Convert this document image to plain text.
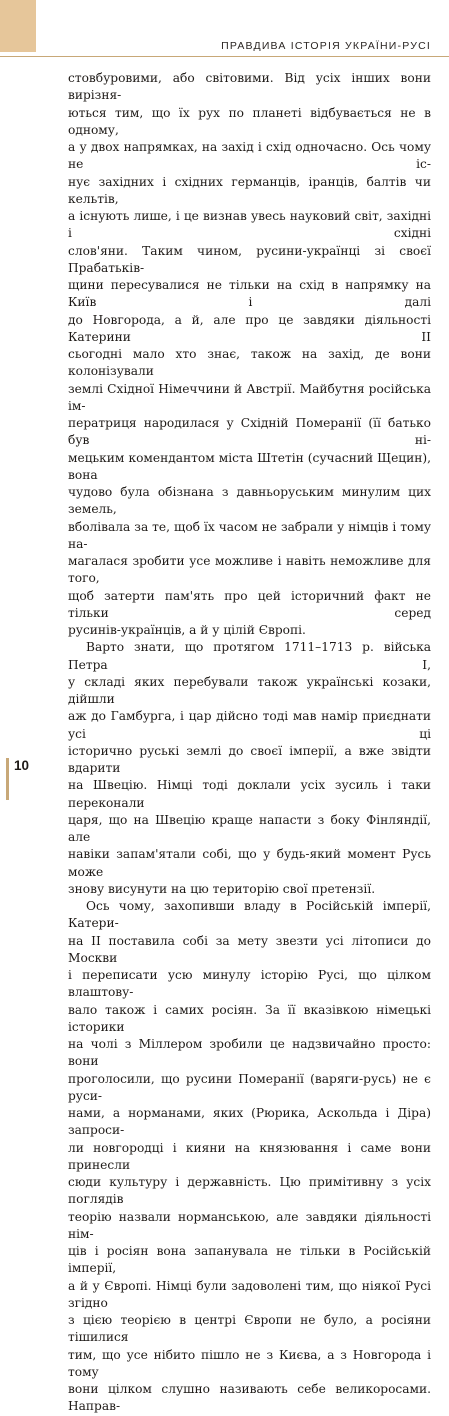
ПРАВДИВА ІСТОРІЯ УКРАЇНИ-РУСІ

стовбуровими, або світовими. Від усіх інших вони вирізня-

ються тим, що їх рух по планеті відбувається не в одному,

а у двох напрямках, на захід і схід одночасно. Ось чому не іс-

нує західних і східних германців, іранців, балтів чи кельтів,

а існують лише, і це визнав увесь науковий світ, західні і східні

слов'яни. Таким чином, русини-українці зі своєї Прабатьків-

щини пересувалися не тільки на схід в напрямку на Київ і далі

до Новгорода, а й, але про це завдяки діяльності Катерини ІІ

сьогодні мало хто знає, також на захід, де вони колонізували

землі Східної Німеччини й Австрії. Майбутня російська ім-

ператриця народилася у Східній Померанії (її батько був ні-

мецьким комендантом міста Штетін (сучасний Щецин), вона

чудово була обізнана з давньоруським минулим цих земель,

вболівала за те, щоб їх часом не забрали у німців і тому на-

магалася зробити усе можливе і навіть неможливе для того,

щоб затерти пам'ять про цей історичний факт не тільки серед

русинів-українців, а й у цілій Європі.

Варто знати, що протягом 1711–1713 р. війська Петра І,

у складі яких перебували також українські козаки, дійшли

аж до Гамбурга, і цар дійсно тоді мав намір приєднати усі ці

історично руські землі до своєї імперії, а вже звідти вдарити

на Швецію. Німці тоді доклали усіх зусиль і таки переконали

царя, що на Швецію краще напасти з боку Фінляндії, але

навіки запам'ятали собі, що у будь-який момент Русь може

знову висунути на цю територію свої претензії.

Ось чому, захопивши владу в Російській імперії, Катери-

на ІІ поставила собі за мету звезти усі літописи до Москви

і переписати усю минулу історію Русі, що цілком влаштову-

вало також і самих росіян. За її вказівкою німецькі історики

на чолі з Міллером зробили це надзвичайно просто: вони

проголосили, що русини Померанії (варяги-русь) не є руси-

нами, а норманами, яких (Рюрика, Аскольда і Діра) запроси-

ли новгородці і кияни на князювання і саме вони принесли

сюди культуру і державність. Цю примітивну з усіх поглядів

теорію назвали норманською, але завдяки діяльності нім-

ців і росіян вона запанувала не тільки в Російській імперії,

а й у Європі. Німці були задоволені тим, що ніякої Русі згідно

з цією теорією в центрі Європи не було, а росіяни тішилися

тим, що усе нібито пішло не з Києва, а з Новгорода і тому

вони цілком слушно називають себе великоросами. Направ-

10
